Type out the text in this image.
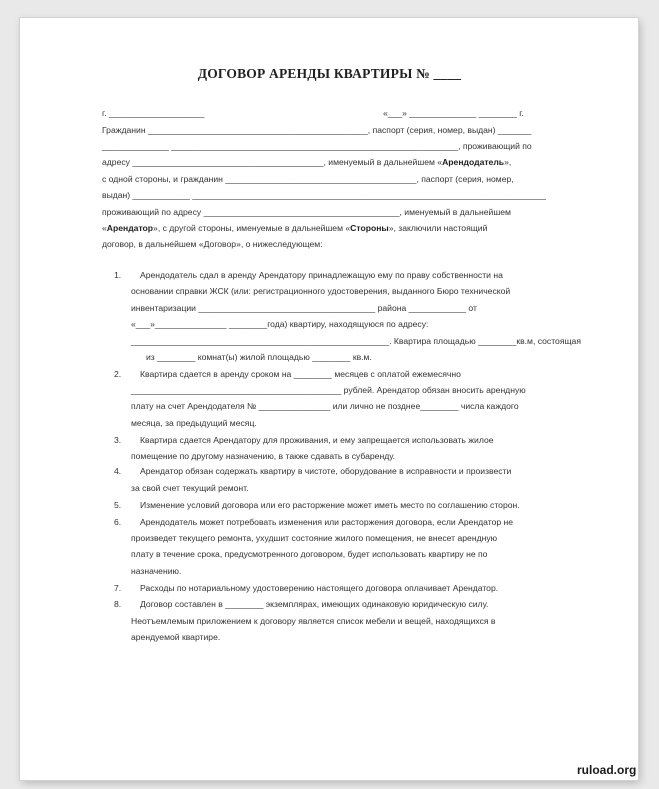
ДОГОВОР АРЕНДЫ КВАРТИРЫ № ____
г. ____________________	«___» ______________ ________ г.
Гражданин ______________________________________________, паспорт (серия, номер, выдан) _______
______________ ____________________________________________________________, проживающий по
адресу ________________________________________, именуемый в дальнейшем «Арендодатель»,
с одной стороны, и гражданин ________________________________________, паспорт (серия, номер,
выдан) ____________ __________________________________________________________________________
проживающий по адресу _________________________________________, именуемый в дальнейшем
«Арендатор», с другой стороны, именуемые в дальнейшем «Стороны», заключили настоящий
договор, в дальнейшем «Договор», о нижеследующем:
1. Арендодатель сдал в аренду Арендатору принадлежащую ему по праву собственности на
основании справки ЖСК (или: регистрационного удостоверения, выданного Бюро технической
инвентаризации _____________________________________ района ____________ от
«___»_______________ ________года) квартиру, находящуюся по адресу:
______________________________________________________. Квартира площадью ________кв.м, состоящая
из ________ комнат(ы) жилой площадью ________ кв.м.
2. Квартира сдается в аренду сроком на ________ месяцев с оплатой ежемесячно
____________________________________________ рублей. Арендатор обязан вносить арендную
плату на счет Арендодателя № _______________ или лично не позднее________ числа каждого
месяца, за предыдущий месяц.
3. Квартира сдается Арендатору для проживания, и ему запрещается использовать жилое
помещение по другому назначению, в также сдавать в субаренду.
4. Арендатор обязан содержать квартиру в чистоте, оборудование в исправности и произвести
за свой счет текущий ремонт.
5. Изменение условий договора или его расторжение может иметь место по соглашению сторон.
6. Арендодатель может потребовать изменения или расторжения договора, если Арендатор не
произведет текущего ремонта, ухудшит состояние жилого помещения, не внесет арендную
плату в течение срока, предусмотренного договором, будет использовать квартиру не по
назначению.
7. Расходы по нотариальному удостоверению настоящего договора оплачивает Арендатор.
8. Договор составлен в ________ экземплярах, имеющих одинаковую юридическую силу.
Неотъемлемым приложением к договору является список мебели и вещей, находящихся в
арендуемой квартире.
ruload.org
